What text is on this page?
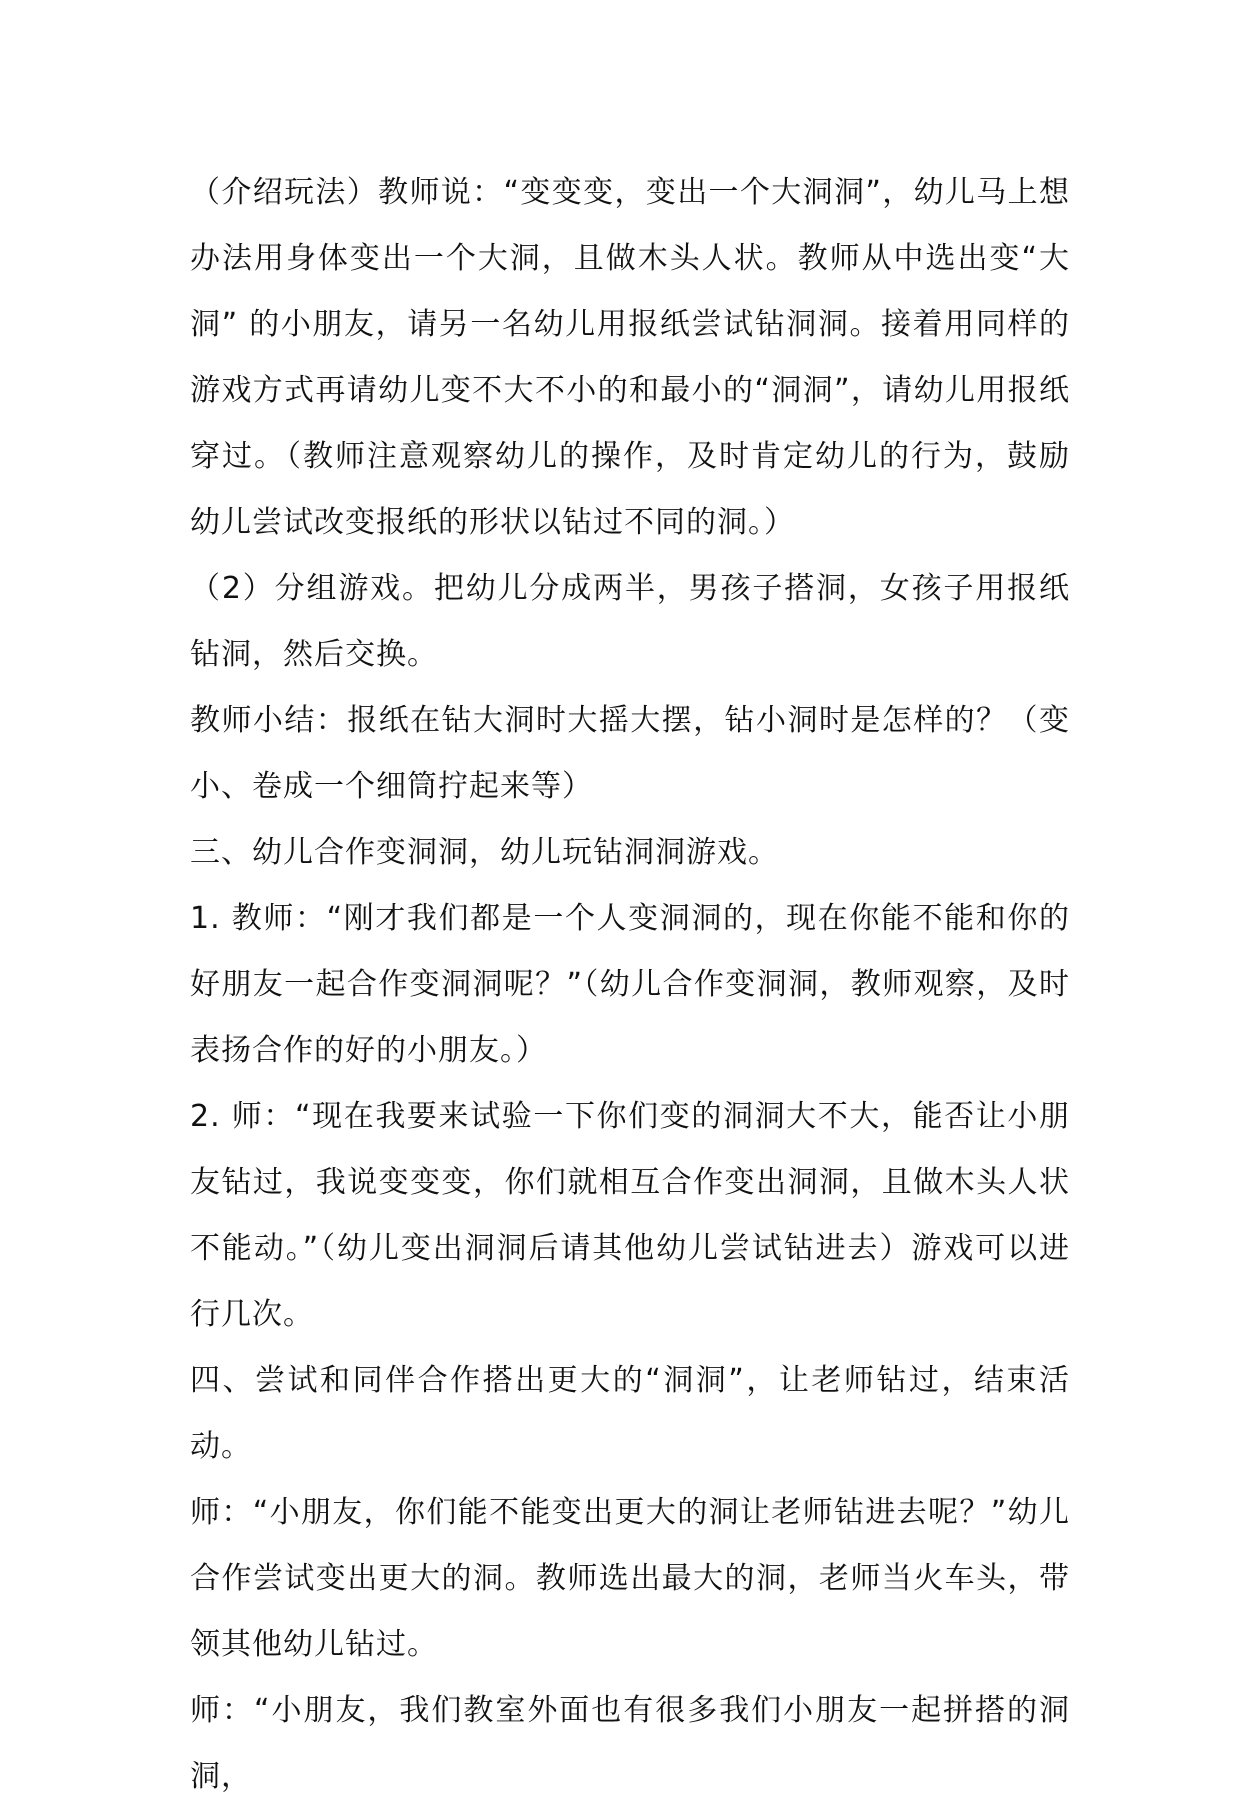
（介绍玩法）教师说：“变变变，变出一个大洞洞”，幼儿马上想办法用身体变出一个大洞，且做木头人状。教师从中选出变“大洞” 的小朋友，请另一名幼儿用报纸尝试钻洞洞。接着用同样的游戏方式再请幼儿变不大不小的和最小的“洞洞”，请幼儿用报纸穿过。（教师注意观察幼儿的操作，及时肯定幼儿的行为，鼓励幼儿尝试改变报纸的形状以钻过不同的洞。）

（2）分组游戏。把幼儿分成两半，男孩子搭洞，女孩子用报纸钻洞，然后交换。

教师小结：报纸在钻大洞时大摇大摆，钻小洞时是怎样的？（变小、卷成一个细筒拧起来等）

三、幼儿合作变洞洞，幼儿玩钻洞洞游戏。

1. 教师：“刚才我们都是一个人变洞洞的，现在你能不能和你的好朋友一起合作变洞洞呢？”（幼儿合作变洞洞，教师观察，及时表扬合作的好的小朋友。）

2. 师：“现在我要来试验一下你们变的洞洞大不大，能否让小朋友钻过，我说变变变，你们就相互合作变出洞洞，且做木头人状不能动。”（幼儿变出洞洞后请其他幼儿尝试钻进去）游戏可以进行几次。

四、尝试和同伴合作搭出更大的“洞洞”，让老师钻过，结束活动。

师：“小朋友，你们能不能变出更大的洞让老师钻进去呢？”幼儿合作尝试变出更大的洞。教师选出最大的洞，老师当火车头，带领其他幼儿钻过。

师：“小朋友，我们教室外面也有很多我们小朋友一起拼搭的洞洞，
